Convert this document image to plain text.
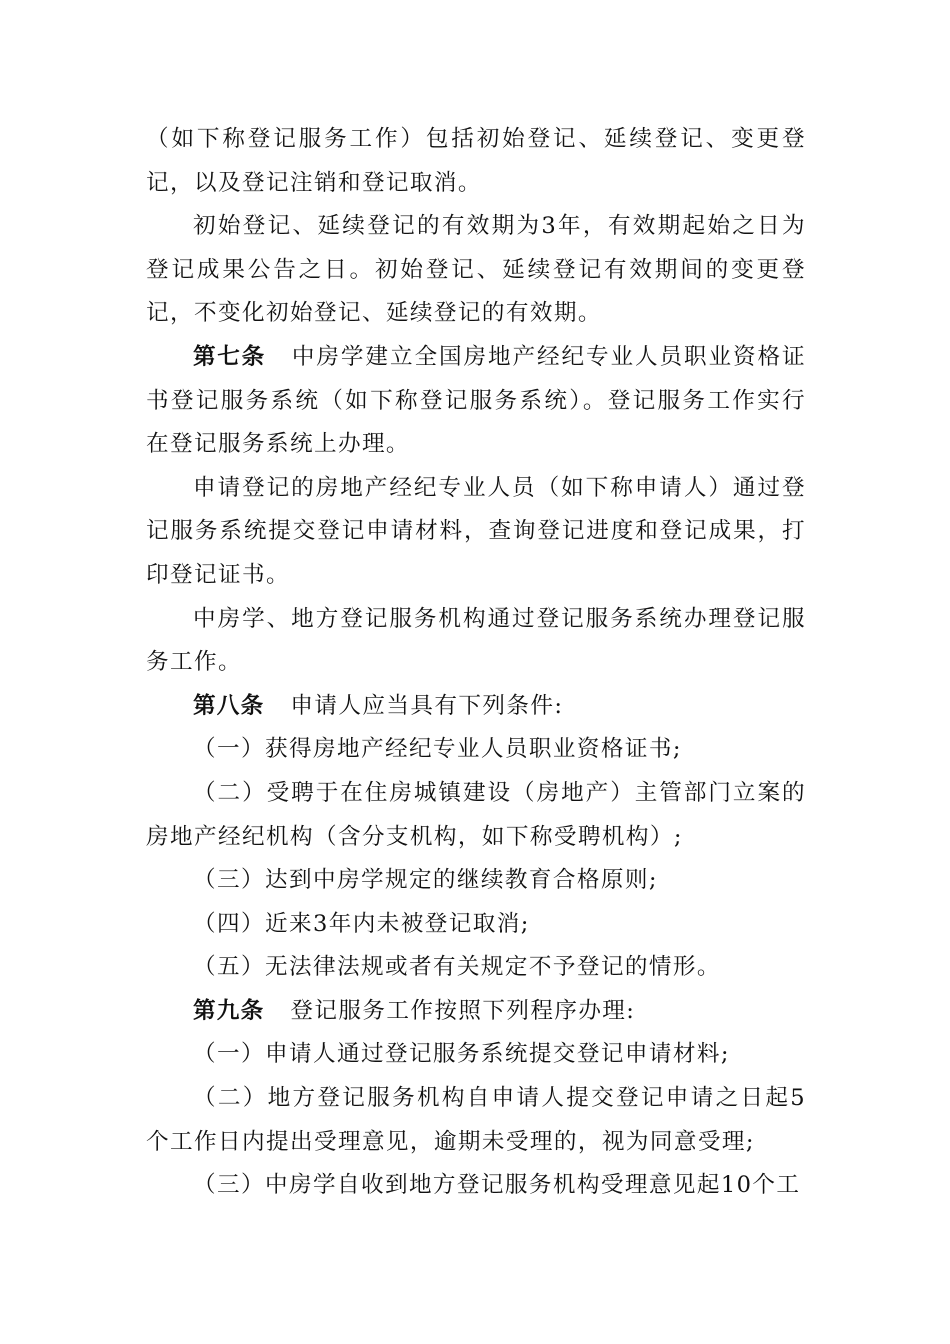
（如下称登记服务工作）包括初始登记、延续登记、变更登记，以及登记注销和登记取消。

初始登记、延续登记的有效期为3年，有效期起始之日为登记成果公告之日。初始登记、延续登记有效期间的变更登记，不变化初始登记、延续登记的有效期。

第七条 中房学建立全国房地产经纪专业人员职业资格证书登记服务系统（如下称登记服务系统）。登记服务工作实行在登记服务系统上办理。

申请登记的房地产经纪专业人员（如下称申请人）通过登记服务系统提交登记申请材料，查询登记进度和登记成果，打印登记证书。

中房学、地方登记服务机构通过登记服务系统办理登记服务工作。

第八条 申请人应当具有下列条件:

（一）获得房地产经纪专业人员职业资格证书;

（二）受聘于在住房城镇建设（房地产）主管部门立案的房地产经纪机构（含分支机构，如下称受聘机构）;

（三）达到中房学规定的继续教育合格原则;

（四）近来3年内未被登记取消;

（五）无法律法规或者有关规定不予登记的情形。

第九条 登记服务工作按照下列程序办理:

（一）申请人通过登记服务系统提交登记申请材料;

（二）地方登记服务机构自申请人提交登记申请之日起5个工作日内提出受理意见，逾期未受理的，视为同意受理;

（三）中房学自收到地方登记服务机构受理意见起10个工
